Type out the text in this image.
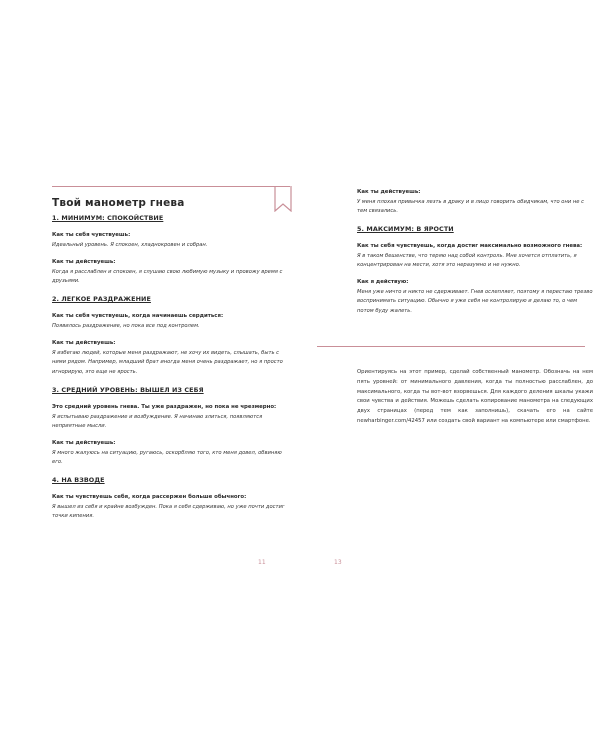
Твой манометр гнева
1. МИНИМУМ: СПОКОЙСТВИЕ
Как ты себя чувствуешь:
Идеальный уровень. Я спокоен, хладнокровен и собран.
Как ты действуешь:
Когда я расслаблен и спокоен, я слушаю свою любимую музыку и провожу время с друзьями.
2. ЛЕГКОЕ РАЗДРАЖЕНИЕ
Как ты себя чувствуешь, когда начинаешь сердиться:
Появилось раздражение, но пока все под контролем.
Как ты действуешь:
Я избегаю людей, которые меня раздражают, не хочу их видеть, слышать, быть с ними рядом. Например, младший брат иногда меня очень раздражает, но я просто игнорирую, это еще не ярость.
3. СРЕДНИЙ УРОВЕНЬ: ВЫШЕЛ ИЗ СЕБЯ
Это средний уровень гнева. Ты уже раздражен, но пока не чрезмерно:
Я испытываю раздражение и возбуждение. Я начинаю злиться, появляются неприятные мысли.
Как ты действуешь:
Я много жалуюсь на ситуацию, ругаюсь, оскорбляю того, кто меня довел, обвиняю его.
4. НА ВЗВОДЕ
Как ты чувствуешь себя, когда рассержен больше обычного:
Я вышел из себя и крайне возбужден. Пока я себя сдерживаю, но уже почти достиг точки кипения.
11
Как ты действуешь:
У меня плохая привычка лезть в драку и в лицо говорить обидчикам, что они не с тем связались.
5. МАКСИМУМ: В ЯРОСТИ
Как ты себя чувствуешь, когда достиг максимально возможного гнева:
Я в таком бешенстве, что теряю над собой контроль. Мне хочется отплатить, я концентрирован на мести, хотя это неразумно и не нужно.
Как я действую:
Меня уже ничто и никто не сдерживает. Гнев ослепляет, поэтому я перестаю трезво воспринимать ситуацию. Обычно я уже себя не контролирую и делаю то, о чем потом буду жалеть.
Ориентируясь на этот пример, сделай собственный манометр. Обозначь на нем пять уровней: от минимального давления, когда ты полностью расслаблен, до максимального, когда ты вот-вот взорвешься. Для каждого деления шкалы укажи свои чувства и действия. Можешь сделать копирование манометра на следующих двух страницах (перед тем как заполнишь), скачать его на сайте newharbinger.com/42457 или создать свой вариант на компьютере или смартфоне.
13
